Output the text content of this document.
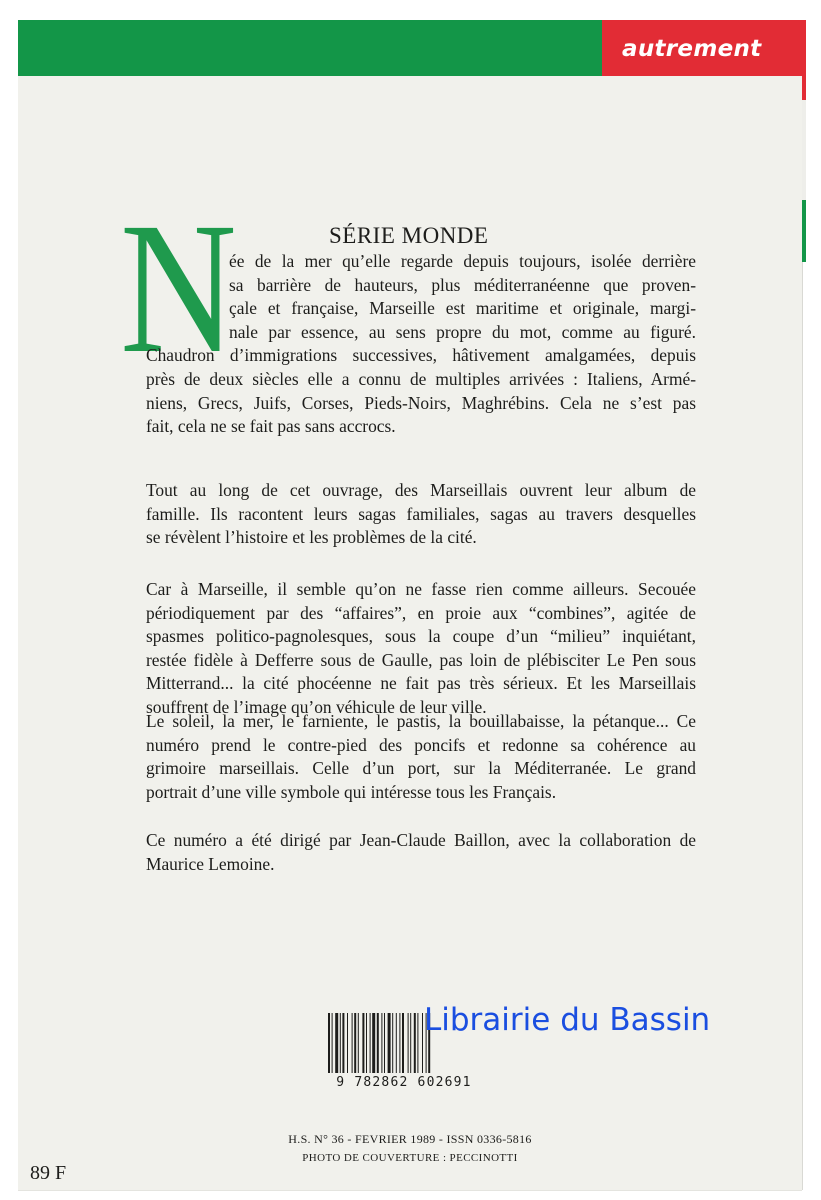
autrement
SÉRIE MONDE
N
ée de la mer qu’elle regarde depuis toujours, isolée derrière
sa barrière de hauteurs, plus méditerranéenne que proven-
çale et française, Marseille est maritime et originale, margi-
nale par essence, au sens propre du mot, comme au figuré.
Chaudron d’immigrations successives, hâtivement amalgamées, depuis
près de deux siècles elle a connu de multiples arrivées : Italiens, Armé-
niens, Grecs, Juifs, Corses, Pieds-Noirs, Maghrébins. Cela ne s’est pas
fait, cela ne se fait pas sans accrocs.
Tout au long de cet ouvrage, des Marseillais ouvrent leur album de
famille. Ils racontent leurs sagas familiales, sagas au travers desquelles
se révèlent l’histoire et les problèmes de la cité.
Car à Marseille, il semble qu’on ne fasse rien comme ailleurs. Secouée
périodiquement par des “affaires”, en proie aux “combines”, agitée de
spasmes politico-pagnolesques, sous la coupe d’un “milieu” inquiétant,
restée fidèle à Defferre sous de Gaulle, pas loin de plébisciter Le Pen sous
Mitterrand... la cité phocéenne ne fait pas très sérieux. Et les Marseillais
souffrent de l’image qu’on véhicule de leur ville.
Le soleil, la mer, le farniente, le pastis, la bouillabaisse, la pétanque... Ce
numéro prend le contre-pied des poncifs et redonne sa cohérence au
grimoire marseillais. Celle d’un port, sur la Méditerranée. Le grand
portrait d’une ville symbole qui intéresse tous les Français.
Ce numéro a été dirigé par Jean-Claude Baillon, avec la collaboration de
Maurice Lemoine.
9 782862 602691
Librairie du Bassin
89 F
H.S. N° 36 - FEVRIER 1989 - ISSN 0336-5816
PHOTO DE COUVERTURE : PECCINOTTI
